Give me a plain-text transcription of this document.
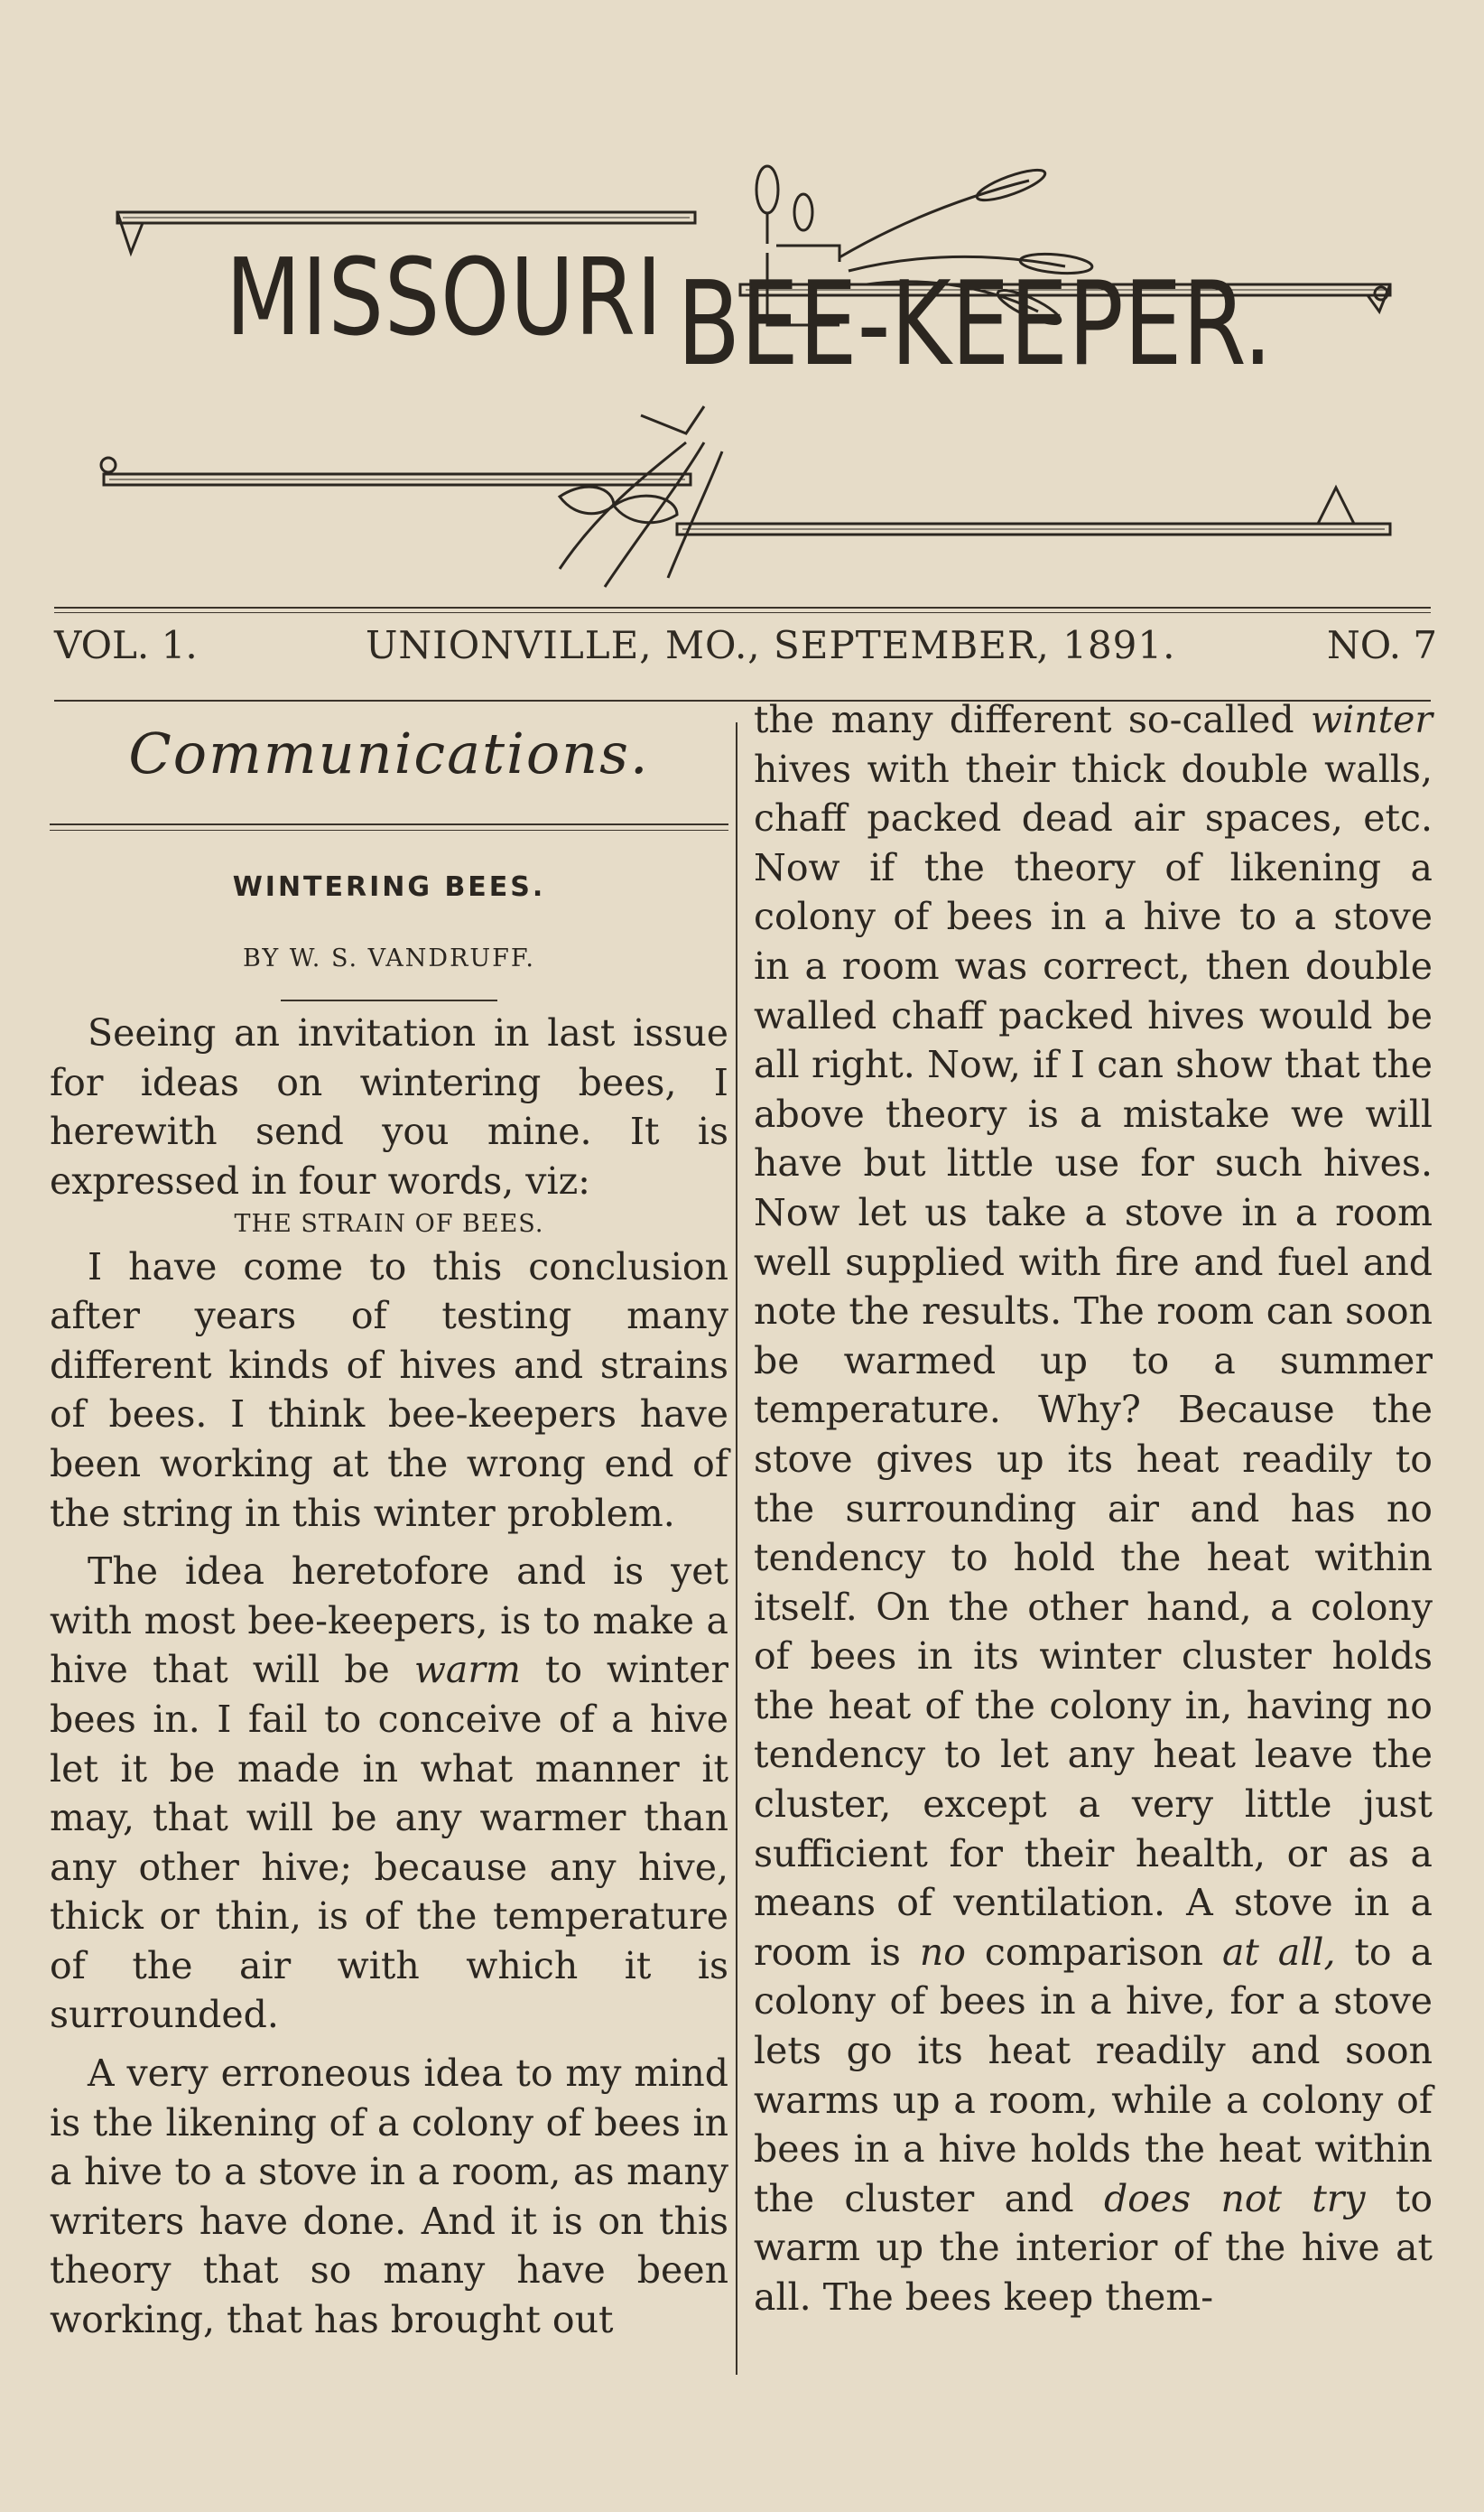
MISSOURI BEE-KEEPER.
VOL. 1.	UNIONVILLE, MO., SEPTEMBER, 1891.	NO. 7
Communications.
WINTERING BEES.
BY W. S. VANDRUFF.

Seeing an invitation in last issue for ideas on wintering bees, I herewith send you mine. It is expressed in four words, viz:

THE STRAIN OF BEES.

I have come to this conclusion after years of testing many different kinds of hives and strains of bees. I think bee-keepers have been working at the wrong end of the string in this winter problem.

The idea heretofore and is yet with most bee-keepers, is to make a hive that will be warm to winter bees in. I fail to conceive of a hive let it be made in what manner it may, that will be any warmer than any other hive; because any hive, thick or thin, is of the temperature of the air with which it is surrounded.

A very erroneous idea to my mind is the likening of a colony of bees in a hive to a stove in a room, as many writers have done. And it is on this theory that so many have been working, that has brought out

the many different so-called winter hives with their thick double walls, chaff packed dead air spaces, etc. Now if the theory of likening a colony of bees in a hive to a stove in a room was correct, then double walled chaff packed hives would be all right. Now, if I can show that the above theory is a mistake we will have but little use for such hives. Now let us take a stove in a room well supplied with fire and fuel and note the results. The room can soon be warmed up to a summer temperature. Why? Because the stove gives up its heat readily to the surrounding air and has no tendency to hold the heat within itself. On the other hand, a colony of bees in its winter cluster holds the heat of the colony in, having no tendency to let any heat leave the cluster, except a very little just sufficient for their health, or as a means of ventilation. A stove in a room is no comparison at all, to a colony of bees in a hive, for a stove lets go its heat readily and soon warms up a room, while a colony of bees in a hive holds the heat within the cluster and does not try to warm up the interior of the hive at all. The bees keep them-
